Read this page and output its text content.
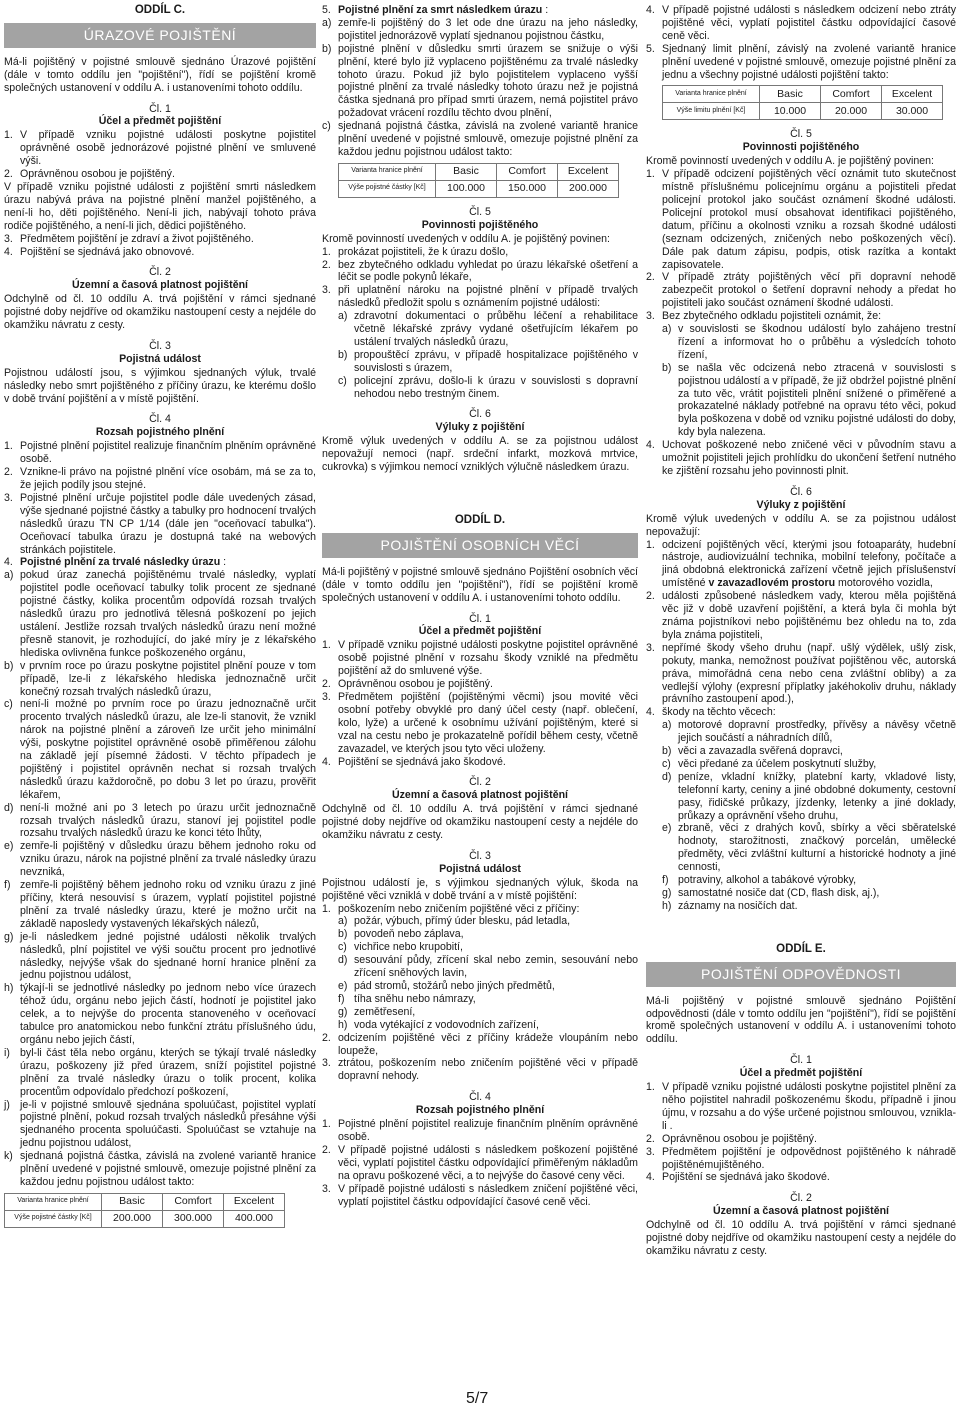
ODDÍL C.
ÚRAZOVÉ POJIŠTĚNÍ

Má-li pojištěný v pojistné smlouvě sjednáno Úrazové pojištění (dále v tomto oddílu jen "pojištění"), řídí se pojištění kromě společných ustanovení v oddílu A. i ustanoveními tohoto oddílu.

Čl. 1
Účel a předmět pojištění
1. V případě vzniku pojistné události poskytne pojistitel oprávněné osobě jednorázové pojistné plnění ve smluvené výši.
2. Oprávněnou osobou je pojištěný.

V případě vzniku pojistné události z pojištění smrti následkem úrazu nabývá práva na pojistné plnění manžel pojištěného, a není-li ho, děti pojištěného. Není-li jich, nabývají tohoto práva rodiče pojištěného, a není-li jich, dědici pojištěného.

3. Předmětem pojištění je zdraví a život pojištěného.
4. Pojištění se sjednává jako obnovové.
Čl. 2
Územní a časová platnost pojištění

Odchylně od čl. 10 oddílu A. trvá pojištění v rámci sjednané pojistné doby nejdříve od okamžiku nastoupení cesty a nejdéle do okamžiku návratu z cesty.

Čl. 3
Pojistná událost

Pojistnou událostí jsou, s výjimkou sjednaných výluk, trvalé následky nebo smrt pojištěného z příčiny úrazu, ke kterému došlo v době trvání pojištění a v místě pojištění.

Čl. 4
Rozsah pojistného plnění
1. Pojistné plnění pojistitel realizuje finančním plněním oprávněné osobě.
2. Vznikne-li právo na pojistné plnění více osobám, má se za to, že jejich podíly jsou stejné.
3. Pojistné plnění určuje pojistitel podle dále uvedených zásad, výše sjednané pojistné částky a tabulky pro hodnocení trvalých následků úrazu TN CP 1/14 (dále jen "oceňovací tabulka"). Oceňovací tabulka úrazu je dostupná také na webových stránkách pojistitele.
4. Pojistné plnění za trvalé následky úrazu :
a) pokud úraz zanechá pojištěnému trvalé následky, vyplatí pojistitel podle oceňovací tabulky tolik procent ze sjednané pojistné částky, kolika procentům odpovídá rozsah trvalých následků úrazu pro jednotlivá tělesná poškození po jejich ustálení. Jestliže rozsah trvalých následků úrazu není možné přesně stanovit, je rozhodující, do jaké míry je z lékařského hlediska ovlivněna funkce poškozeného orgánu,
b) v prvním roce po úrazu poskytne pojistitel plnění pouze v tom případě, lze-li z lékařského hlediska jednoznačně určit konečný rozsah trvalých následků úrazu,
c) není-li možné po prvním roce po úrazu jednoznačně určit procento trvalých následků úrazu, ale lze-li stanovit, že vznikl nárok na pojistné plnění a zároveň lze určit jeho minimální výši, poskytne pojistitel oprávněné osobě přiměřenou zálohu na základě její písemné žádosti. V těchto případech je pojištěný i pojistitel oprávněn nechat si rozsah trvalých následků úrazu každoročně, po dobu 3 let po úrazu, prověřit lékařem,
d) není-li možné ani po 3 letech po úrazu určit jednoznačně rozsah trvalých následků úrazu, stanoví jej pojistitel podle rozsahu trvalých následků úrazu ke konci této lhůty,
e) zemře-li pojištěný v důsledku úrazu během jednoho roku od vzniku úrazu, nárok na pojistné plnění za trvalé následky úrazu nevzniká,
f) zemře-li pojištěný během jednoho roku od vzniku úrazu z jiné příčiny, která nesouvisí s úrazem, vyplatí pojistitel pojistné plnění za trvalé následky úrazu, které je možno určit na základě naposledy vystavených lékařských nálezů,
g) je-li následkem jedné pojistné události několik trvalých následků, plní pojistitel ve výši součtu procent pro jednotlivé následky, nejvýše však do sjednané horní hranice plnění za jednu pojistnou událost,
h) týkají-li se jednotlivé následky po jednom nebo více úrazech téhož údu, orgánu nebo jejich částí, hodnotí je pojistitel jako celek, a to nejvýše do procenta stanoveného v oceňovací tabulce pro anatomickou nebo funkční ztrátu příslušného údu, orgánu nebo jejich částí,
i) byl-li část těla nebo orgánu, kterých se týkají trvalé následky úrazu, poškozeny již před úrazem, sníží pojistitel pojistné plnění za trvalé následky úrazu o tolik procent, kolika procentům odpovídalo předchozí poškození,
j) je-li v pojistné smlouvě sjednána spoluúčast, pojistitel vyplatí pojistné plnění, pokud rozsah trvalých následků přesáhne výši sjednaného procenta spoluúčasti. Spoluúčast se vztahuje na jednu pojistnou událost,
k) sjednaná pojistná částka, závislá na zvolené variantě hranice plnění uvedené v pojistné smlouvě, omezuje pojistné plnění za každou jednu pojistnou událost takto:
Varianta hranice plnění	Basic	Comfort	Excelent
Výše pojistné částky [Kč]	200.000	300.000	400.000
5. Pojistné plnění za smrt následkem úrazu :
a) zemře-li pojištěný do 3 let ode dne úrazu na jeho následky, pojistitel jednorázově vyplatí sjednanou pojistnou částku,
b) pojistné plnění v důsledku smrti úrazem se snižuje o výši plnění, které bylo již vyplaceno pojištěnému za trvalé následky tohoto úrazu. Pokud již bylo pojistitelem vyplaceno vyšší pojistné plnění za trvalé následky tohoto úrazu než je pojistná částka sjednaná pro případ smrti úrazem, nemá pojistitel právo požadovat vrácení rozdílu těchto dvou plnění,
c) sjednaná pojistná částka, závislá na zvolené variantě hranice plnění uvedené v pojistné smlouvě, omezuje pojistné plnění za každou jednu pojistnou událost takto:
Varianta hranice plnění	Basic	Comfort	Excelent
Výše pojistné částky [Kč]	100.000	150.000	200.000
Čl. 5
Povinnosti pojištěného

Kromě povinností uvedených v oddílu A. je pojištěný povinen:

1. prokázat pojistiteli, že k úrazu došlo,
2. bez zbytečného odkladu vyhledat po úrazu lékařské ošetření a léčit se podle pokynů lékaře,
3. při uplatnění nároku na pojistné plnění v případě trvalých následků předložit spolu s oznámením pojistné události:
a) zdravotní dokumentaci o průběhu léčení a rehabilitace včetně lékařské zprávy vydané ošetřujícím lékařem po ustálení trvalých následků úrazu,
b) propouštěcí zprávu, v případě hospitalizace pojištěného v souvislosti s úrazem,
c) policejní zprávu, došlo-li k úrazu v souvislosti s dopravní nehodou nebo trestným činem.
Čl. 6
Výluky z pojištění

Kromě výluk uvedených v oddílu A. se za pojistnou událost nepovažují nemoci (např. srdeční infarkt, mozková mrtvice, cukrovka) s výjimkou nemocí vzniklých výlučně následkem úrazu.

ODDÍL D.
POJIŠTĚNÍ OSOBNÍCH VĚCÍ

Má-li pojištěný v pojistné smlouvě sjednáno Pojištění osobních věcí (dále v tomto oddílu jen "pojištění"), řídí se pojištění kromě společných ustanovení v oddílu A. i ustanoveními tohoto oddílu.

Čl. 1
Účel a předmět pojištění
1. V případě vzniku pojistné události poskytne pojistitel oprávněné osobě pojistné plnění v rozsahu škody vzniklé na předmětu pojištění až do smluvené výše.
2. Oprávněnou osobou je pojištěný.
3. Předmětem pojištění (pojištěnými věcmi) jsou movité věci osobní potřeby obvyklé pro daný účel cesty (např. oblečení, kolo, lyže) a určené k osobnímu užívání pojištěným, které si vzal na cestu nebo je prokazatelně pořídil během cesty, včetně zavazadel, ve kterých jsou tyto věci uloženy.
4. Pojištění se sjednává jako škodové.
Čl. 2
Územní a časová platnost pojištění

Odchylně od čl. 10 oddílu A. trvá pojištění v rámci sjednané pojistné doby nejdříve od okamžiku nastoupení cesty a nejdéle do okamžiku návratu z cesty.

Čl. 3
Pojistná událost

Pojistnou událostí je, s výjimkou sjednaných výluk, škoda na pojištěné věci vzniklá v době trvání a v místě pojištění:

1. poškozením nebo zničením pojištěné věci z příčiny:
a) požár, výbuch, přímý úder blesku, pád letadla,
b) povodeň nebo záplava,
c) vichřice nebo krupobití,
d) sesouvání půdy, zřícení skal nebo zemin, sesouvání nebo zřícení sněhových lavin,
e) pád stromů, stožárů nebo jiných předmětů,
f) tíha sněhu nebo námrazy,
g) zemětřesení,
h) voda vytékající z vodovodních zařízení,
2. odcizením pojištěné věci z příčiny krádeže vloupáním nebo loupeže,
3. ztrátou, poškozením nebo zničením pojištěné věci v případě dopravní nehody.
Čl. 4
Rozsah pojistného plnění
1. Pojistné plnění pojistitel realizuje finančním plněním oprávněné osobě.
2. V případě pojistné události s následkem poškození pojištěné věci, vyplatí pojistitel částku odpovídající přiměřeným nákladům na opravu poškozené věci, a to nejvýše do časové ceny věci.
3. V případě pojistné události s následkem zničení pojištěné věci, vyplatí pojistitel částku odpovídající časové ceně věci.
4. V případě pojistné události s následkem odcizení nebo ztráty pojištěné věci, vyplatí pojistitel částku odpovídající časové ceně věci.
5. Sjednaný limit plnění, závislý na zvolené variantě hranice plnění uvedené v pojistné smlouvě, omezuje pojistné plnění za jednu a všechny pojistné události pojištění takto:
Varianta hranice plnění	Basic	Comfort	Excelent
Výše limitu plnění [Kč]	10.000	20.000	30.000
Čl. 5
Povinnosti pojištěného

Kromě povinností uvedených v oddílu A. je pojištěný povinen:

1. V případě odcizení pojištěných věcí oznámit tuto skutečnost místně příslušnému policejnímu orgánu a pojistiteli předat policejní protokol jako součást oznámení škodné události. Policejní protokol musí obsahovat identifikaci pojištěného, datum, příčinu a okolnosti vzniku a rozsah škodné události (seznam odcizených, zničených nebo poškozených věcí). Dále pak datum zápisu, podpis, otisk razítka a kontakt zapisovatele.
2. V případě ztráty pojištěných věcí při dopravní nehodě zabezpečit protokol o šetření dopravní nehody a předat ho pojistiteli jako součást oznámení škodné události.
3. Bez zbytečného odkladu pojistiteli oznámit, že:
a) v souvislosti se škodnou událostí bylo zahájeno trestní řízení a informovat ho o průběhu a výsledcích tohoto řízení,
b) se našla věc odcizená nebo ztracená v souvislosti s pojistnou událostí a v případě, že již obdržel pojistné plnění za tuto věc, vrátit pojistiteli plnění snížené o přiměřené a prokazatelné náklady potřebné na opravu této věci, pokud byla poškozena v době od vzniku pojistné události do doby, kdy byla nalezena.
4. Uchovat poškozené nebo zničené věci v původním stavu a umožnit pojistiteli jejich prohlídku do ukončení šetření nutného ke zjištění rozsahu jeho povinnosti plnit.
Čl. 6
Výluky z pojištění

Kromě výluk uvedených v oddílu A. se za pojistnou událost nepovažují:

1. odcizení pojištěných věcí, kterými jsou fotoaparáty, hudební nástroje, audiovizuální technika, mobilní telefony, počítače a jiná obdobná elektronická zařízení včetně jejich příslušenství umístěné v zavazadlovém prostoru motorového vozidla,
2. události způsobené následkem vady, kterou měla pojištěná věc již v době uzavření pojištění, a která byla či mohla být známa pojistníkovi nebo pojištěnému bez ohledu na to, zda byla známa pojistiteli,
3. nepřímé škody všeho druhu (např. ušlý výdělek, ušlý zisk, pokuty, manka, nemožnost používat pojištěnou věc, autorská práva, mimořádná cena nebo cena zvláštní obliby) a za vedlejší výlohy (expresní příplatky jakéhokoliv druhu, náklady právního zastoupení apod.),
4. škody na těchto věcech:
a) motorové dopravní prostředky, přívěsy a návěsy včetně jejich součástí a náhradních dílů,
b) věci a zavazadla svěřená dopravci,
c) věci předané za účelem poskytnutí služby,
d) peníze, vkladní knížky, platební karty, vkladové listy, telefonní karty, ceniny a jiné obdobné dokumenty, cestovní pasy, řidičské průkazy, jízdenky, letenky a jiné doklady, průkazy a oprávnění všeho druhu,
e) zbraně, věci z drahých kovů, sbírky a věci sběratelské hodnoty, starožitnosti, značkový porcelán, umělecké předměty, věci zvláštní kulturní a historické hodnoty a jiné cennosti,
f) potraviny, alkohol a tabákové výrobky,
g) samostatné nosiče dat (CD, flash disk, aj.),
h) záznamy na nosičích dat.
ODDÍL E.
POJIŠTĚNÍ ODPOVĚDNOSTI

Má-li pojištěný v pojistné smlouvě sjednáno Pojištění odpovědnosti (dále v tomto oddílu jen "pojištění"), řídí se pojištění kromě společných ustanovení v oddílu A. i ustanoveními tohoto oddílu.

Čl. 1
Účel a předmět pojištění
1. V případě vzniku pojistné události poskytne pojistitel plnění za něho pojistitel nahradil poškozenému škodu, případně i jinou újmu, v rozsahu a do výše určené pojistnou smlouvou, vznikla-li .
2. Oprávněnou osobou je pojištěný.
3. Předmětem pojištění je odpovědnost pojištěného k náhradě pojištěnémujištěného.
4. Pojištění se sjednává jako škodové.
Čl. 2
Územní a časová platnost pojištění

Odchylně od čl. 10 oddílu A. trvá pojištění v rámci sjednané pojistné doby nejdříve od okamžiku nastoupení cesty a nejdéle do okamžiku návratu z cesty.

5/7
